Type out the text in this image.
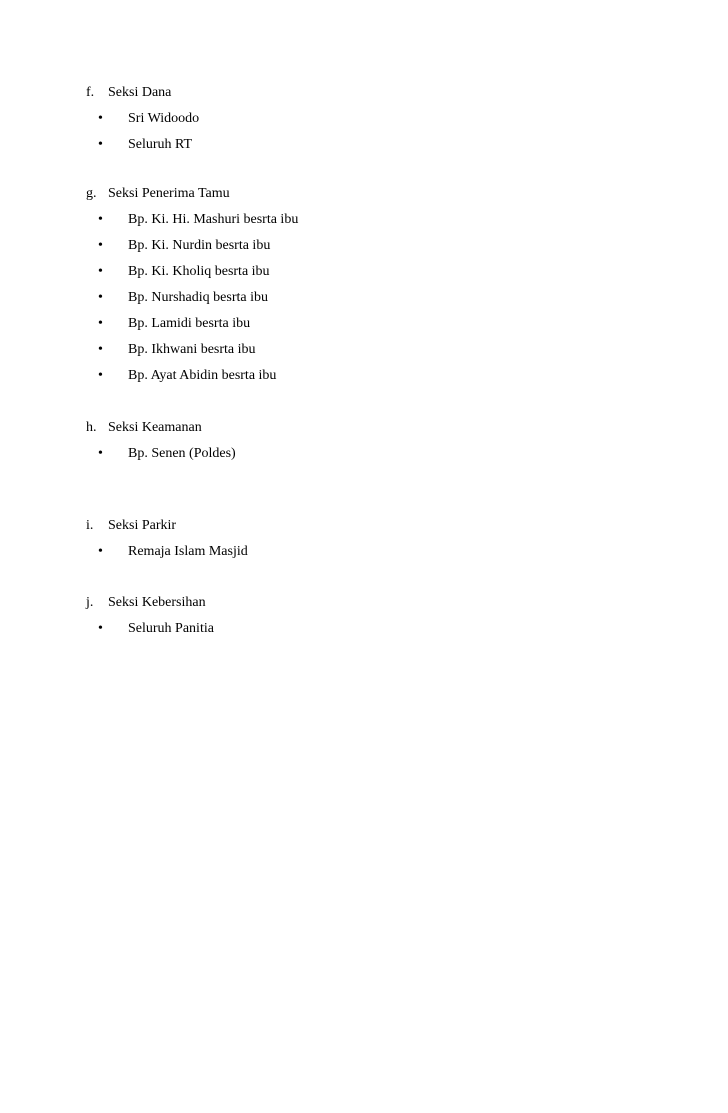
f. Seksi Dana
•	Sri Widoodo
•	Seluruh RT
g. Seksi Penerima Tamu
•	Bp. Ki. Hi. Mashuri besrta ibu
•	Bp. Ki. Nurdin besrta ibu
•	Bp. Ki. Kholiq besrta ibu
•	Bp. Nurshadiq besrta ibu
•	Bp. Lamidi besrta ibu
•	Bp. Ikhwani besrta ibu
•	Bp. Ayat Abidin besrta ibu
h. Seksi Keamanan
•	Bp. Senen (Poldes)
i.	Seksi Parkir
•	Remaja Islam Masjid
j.	Seksi Kebersihan
•	Seluruh Panitia
